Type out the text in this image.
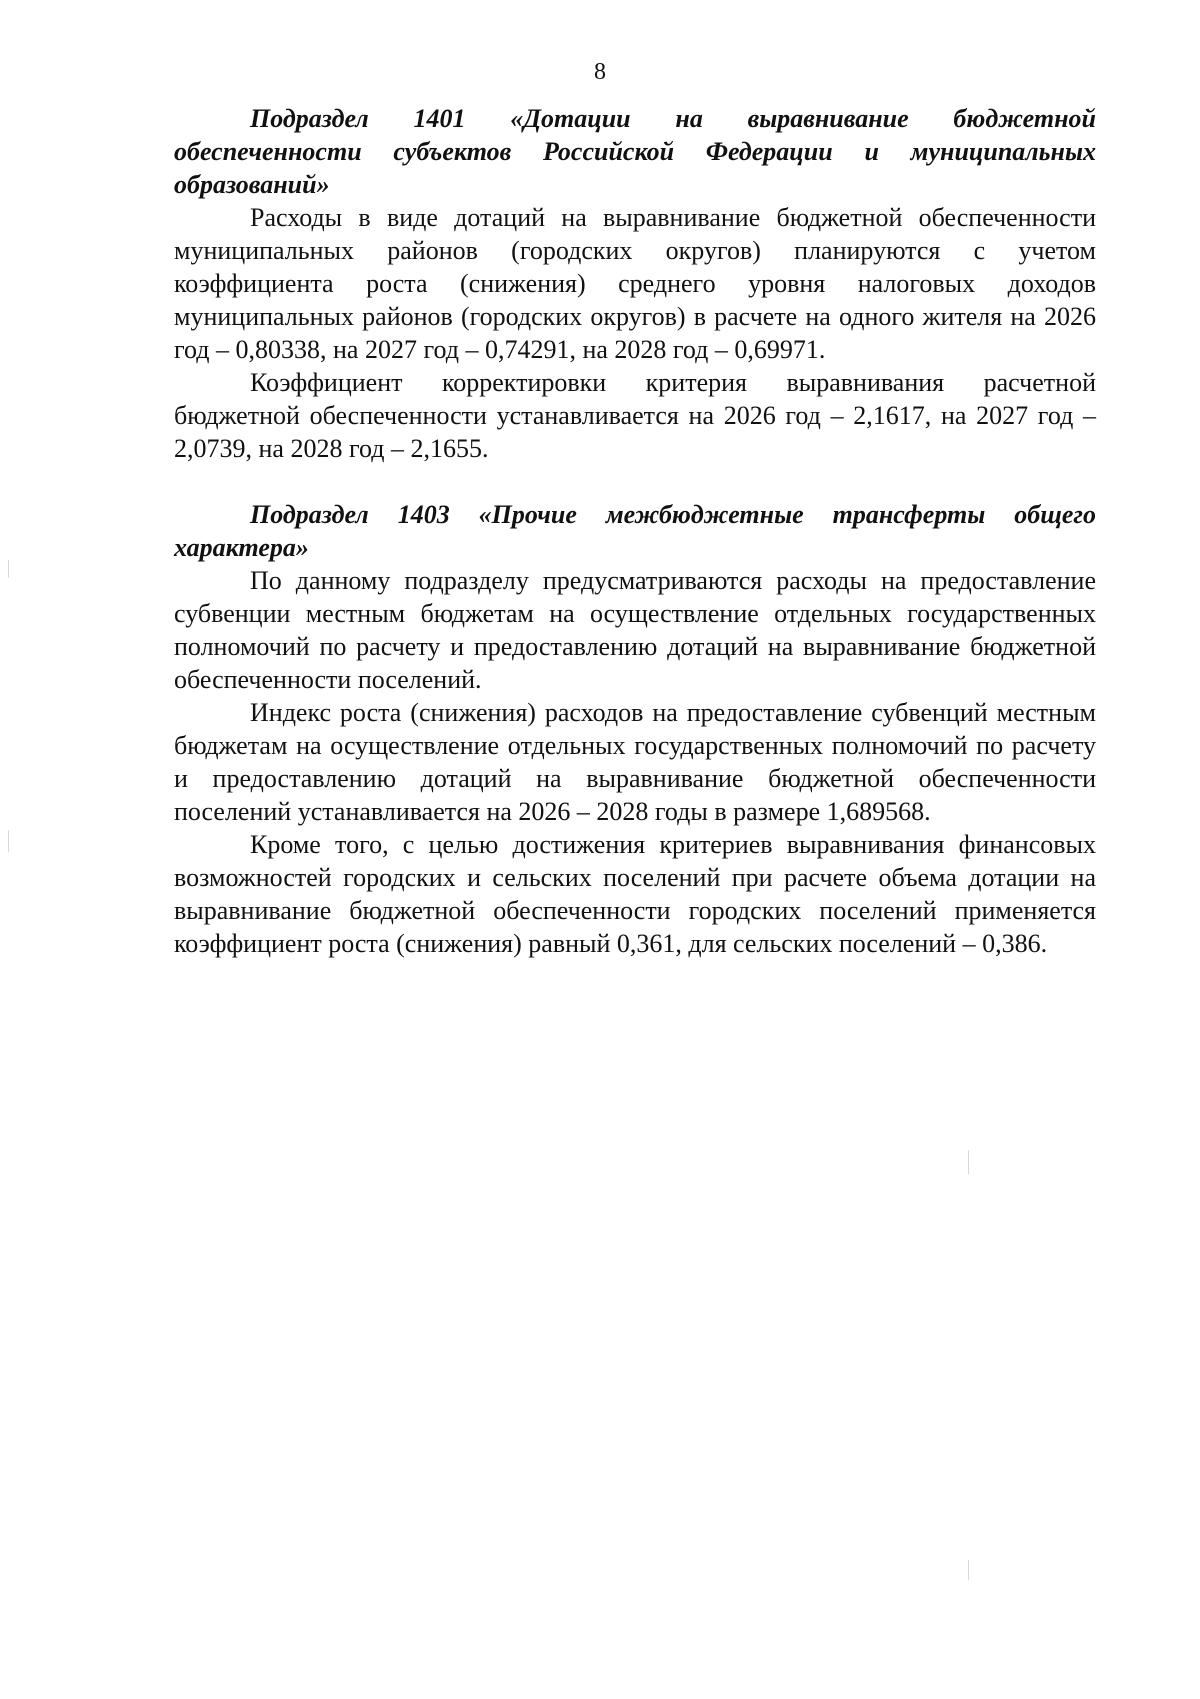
8

Подраздел 1401 «Дотации на выравнивание бюджетной обеспеченности субъектов Российской Федерации и муниципальных образований»

Расходы в виде дотаций на выравнивание бюджетной обеспеченности муниципальных районов (городских округов) планируются с учетом коэффициента роста (снижения) среднего уровня налоговых доходов муниципальных районов (городских округов) в расчете на одного жителя на 2026 год – 0,80338, на 2027 год – 0,74291, на 2028 год – 0,69971.

Коэффициент корректировки критерия выравнивания расчетной бюджетной обеспеченности устанавливается на 2026 год – 2,1617, на 2027 год – 2,0739, на 2028 год – 2,1655.

Подраздел 1403 «Прочие межбюджетные трансферты общего характера»

По данному подразделу предусматриваются расходы на предоставление субвенции местным бюджетам на осуществление отдельных государственных полномочий по расчету и предоставлению дотаций на выравнивание бюджетной обеспеченности поселений.

Индекс роста (снижения) расходов на предоставление субвенций местным бюджетам на осуществление отдельных государственных полномочий по расчету и предоставлению дотаций на выравнивание бюджетной обеспеченности поселений устанавливается на 2026 – 2028 годы в размере 1,689568.

Кроме того, с целью достижения критериев выравнивания финансовых возможностей городских и сельских поселений при расчете объема дотации на выравнивание бюджетной обеспеченности городских поселений применяется коэффициент роста (снижения) равный 0,361, для сельских поселений – 0,386.
